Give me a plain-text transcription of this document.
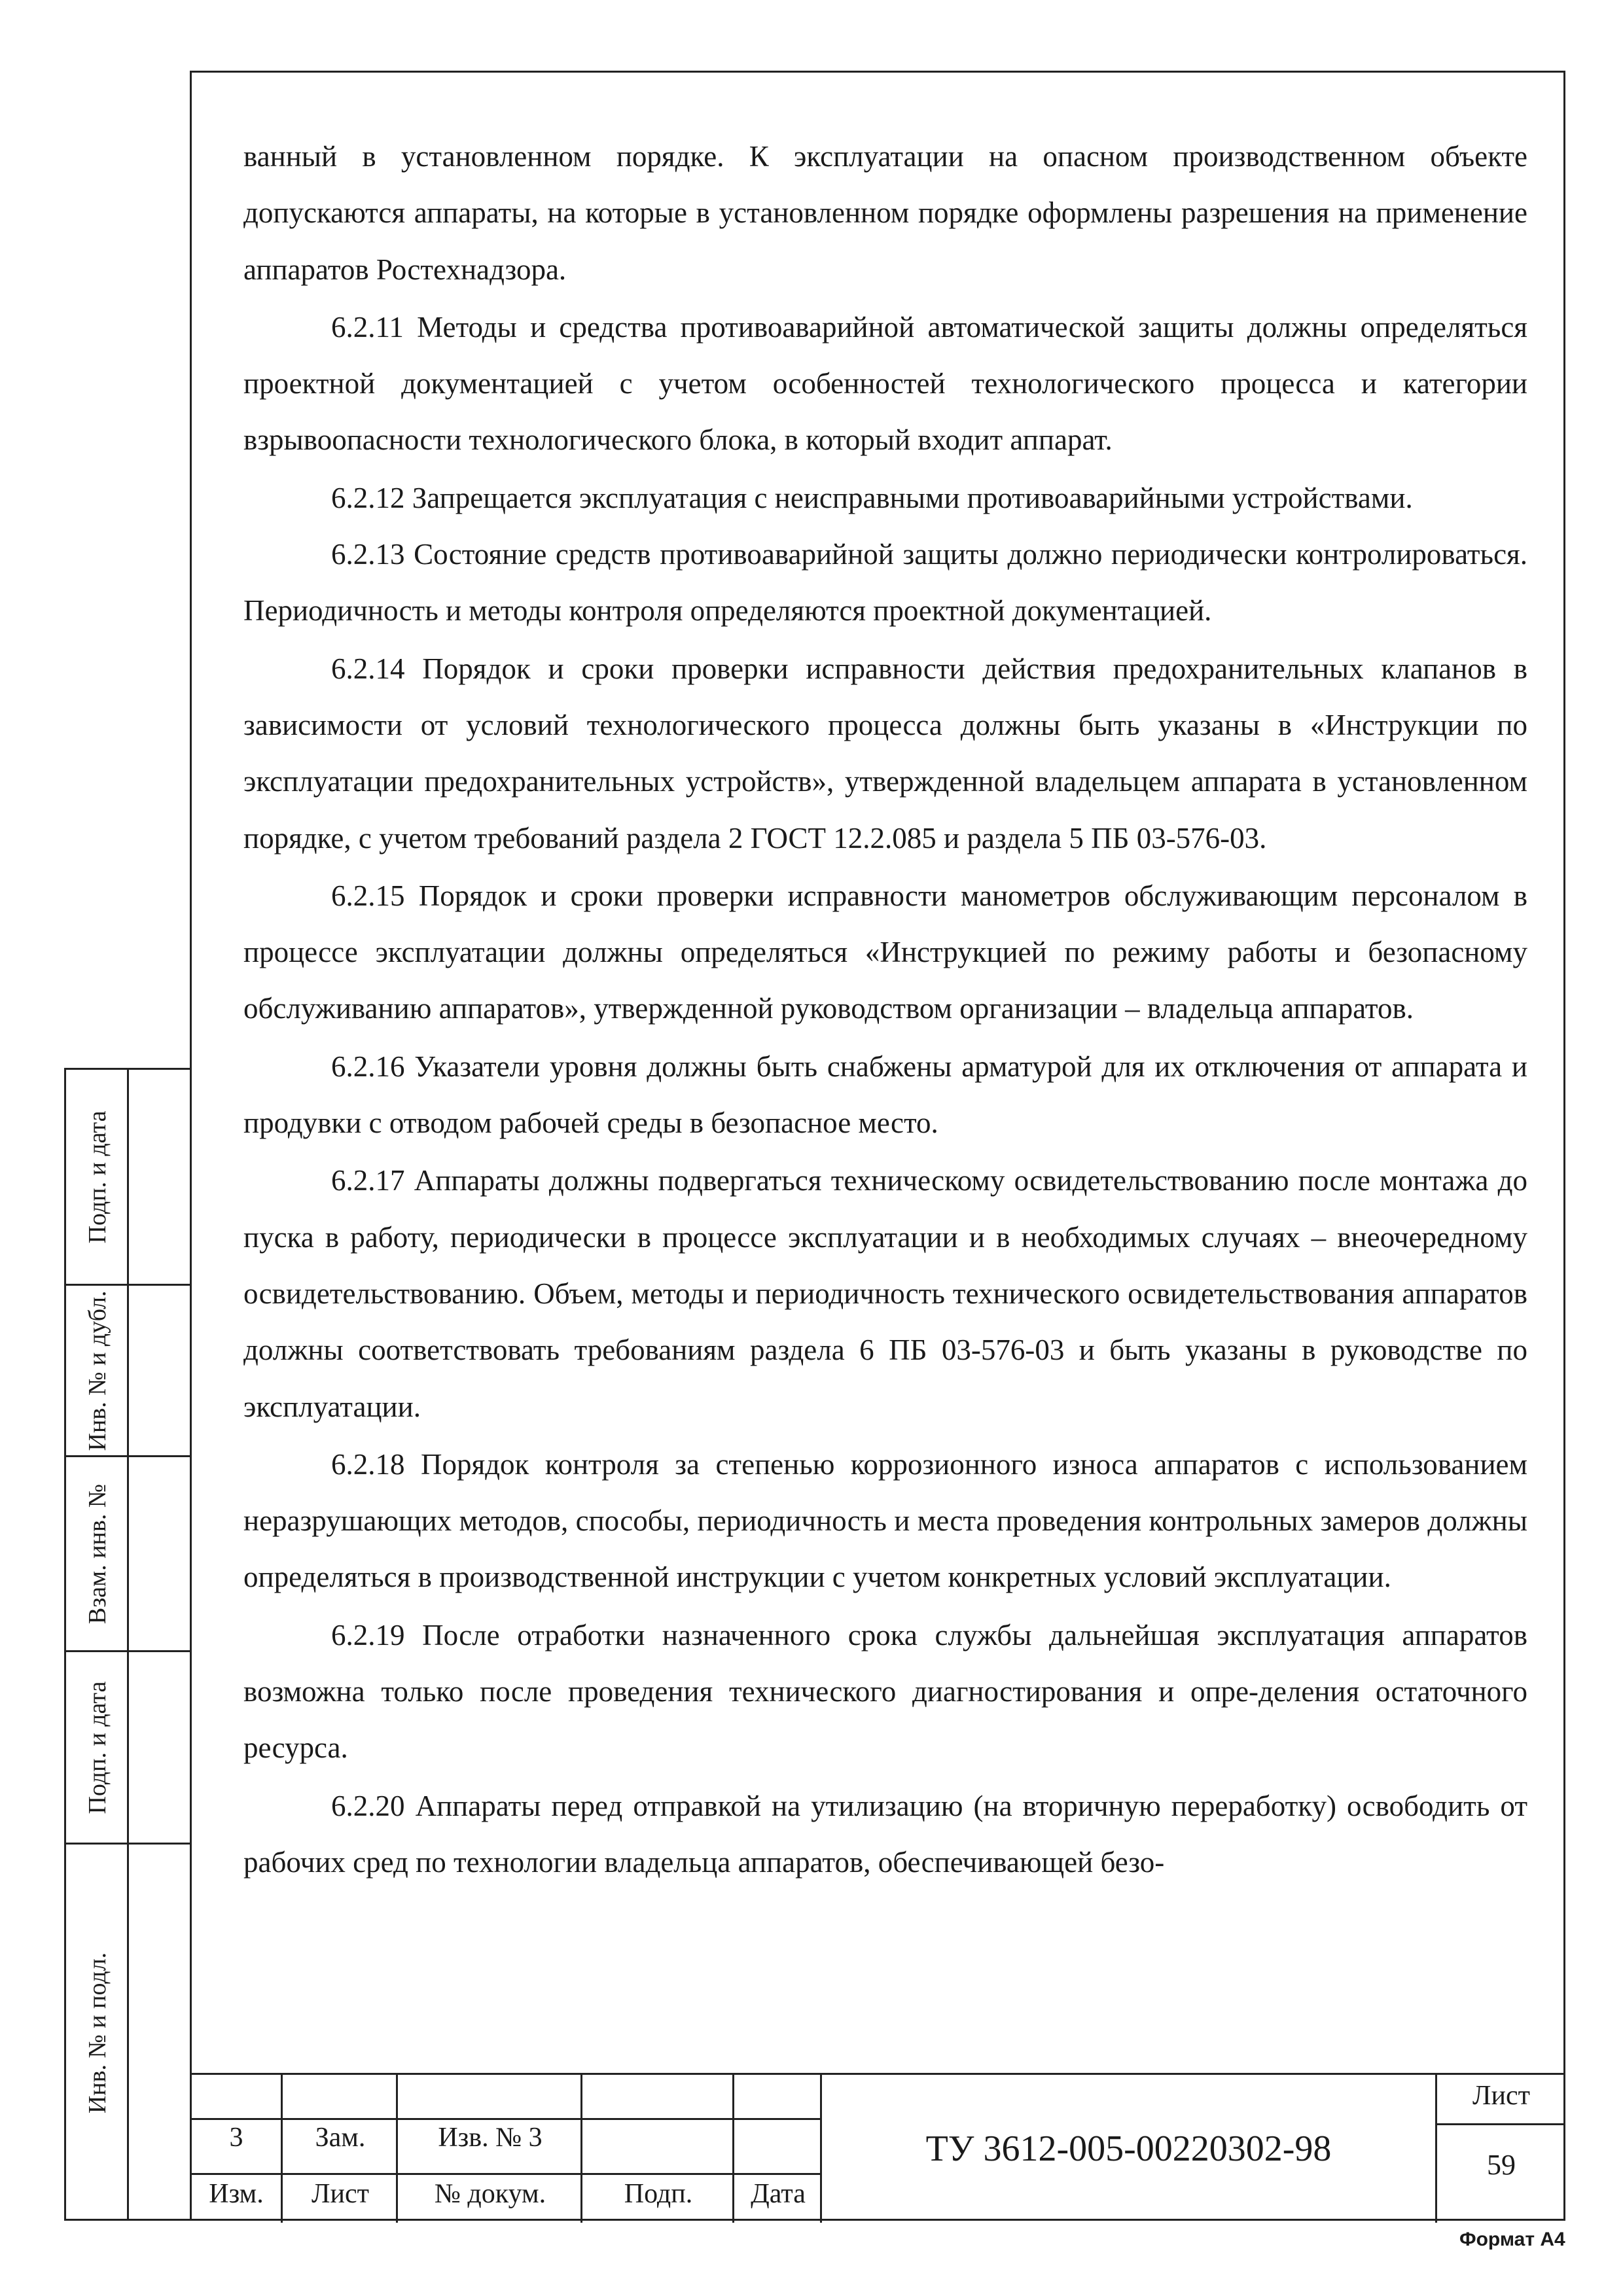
ванный в установленном порядке. К эксплуатации на опасном производственном объекте допускаются аппараты, на которые в установленном порядке оформлены разрешения на применение аппаратов Ростехнадзора.

6.2.11 Методы и средства противоаварийной автоматической защиты должны определяться проектной документацией с учетом особенностей технологического процесса и категории взрывоопасности технологического блока, в который входит аппарат.

6.2.12 Запрещается эксплуатация с неисправными противоаварийными устройствами.

6.2.13 Состояние средств противоаварийной защиты должно периодически контролироваться. Периодичность и методы контроля определяются проектной документацией.

6.2.14 Порядок и сроки проверки исправности действия предохранительных клапанов в зависимости от условий технологического процесса должны быть указаны в «Инструкции по эксплуатации предохранительных устройств», утвержденной владельцем аппарата в установленном порядке, с учетом требований раздела 2 ГОСТ 12.2.085 и раздела 5 ПБ 03-576-03.

6.2.15 Порядок и сроки проверки исправности манометров обслуживающим персоналом в процессе эксплуатации должны определяться «Инструкцией по режиму работы и безопасному обслуживанию аппаратов», утвержденной руководством организации – владельца аппаратов.

6.2.16 Указатели уровня должны быть снабжены арматурой для их отключения от аппарата и продувки с отводом рабочей среды в безопасное место.

6.2.17 Аппараты должны подвергаться техническому освидетельствованию после монтажа до пуска в работу, периодически в процессе эксплуатации и в необходимых случаях – внеочередному освидетельствованию. Объем, методы и периодичность технического освидетельствования аппаратов должны соответствовать требованиям раздела 6 ПБ 03-576-03 и быть указаны в руководстве по эксплуатации.

6.2.18 Порядок контроля за степенью коррозионного износа аппаратов с использованием неразрушающих методов, способы, периодичность и места проведения контрольных замеров должны определяться в производственной инструкции с учетом конкретных условий эксплуатации.

6.2.19 После отработки назначенного срока службы дальнейшая эксплуатация аппаратов возможна только после проведения технического диагностирования и опре-деления остаточного ресурса.

6.2.20 Аппараты перед отправкой на утилизацию (на вторичную переработку) освободить от рабочих сред по технологии владельца аппаратов, обеспечивающей безо-

Подп. и дата
Инв. № и дубл.
Взам. инв. №
Подп. и дата
Инв. № и подл.
3	Зам.	Изв. № 3
Изм.	Лист	№ докум.	Подп.	Дата
ТУ 3612-005-00220302-98
Лист
59
Формат А4
